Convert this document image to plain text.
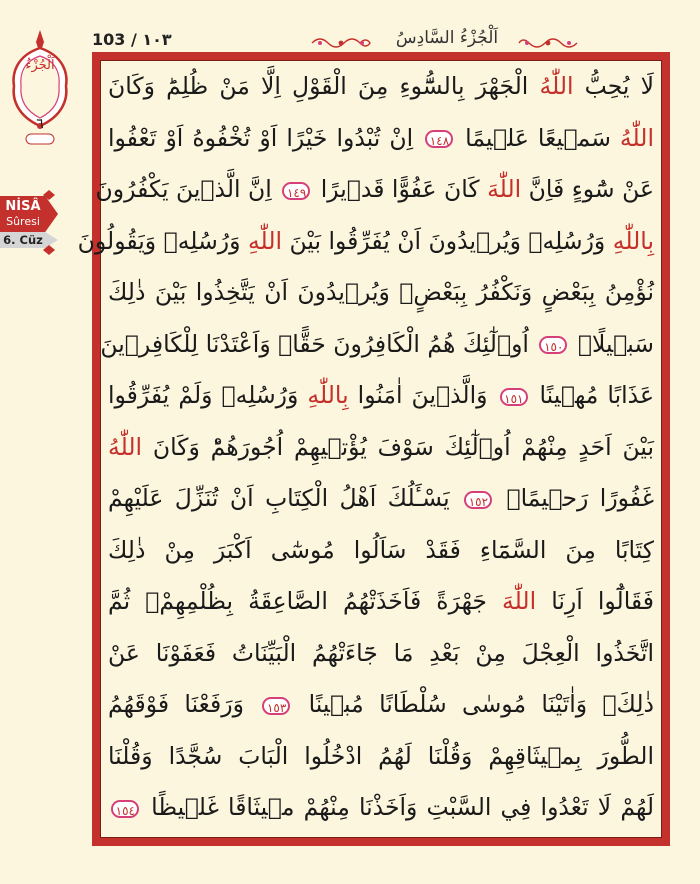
103 / ١٠٣	اَلْجُزْءُ السَّادِسُ
اَلْجُزْءُ
٦
NİSÂ
Sûresi
6. Cüz
لَا يُحِبُّ اللّٰهُ الْجَهْرَ بِالسُّٓوءِ مِنَ الْقَوْلِ اِلَّا مَنْ ظُلِمَؕ وَكَانَ
اللّٰهُ سَم۪يعًا عَل۪يمًا ١٤٨ اِنْ تُبْدُوا خَيْرًا اَوْ تُخْفُوهُ اَوْ تَعْفُوا
عَنْ سُٓوءٍ فَاِنَّ اللّٰهَ كَانَ عَفُوًّا قَد۪يرًا ١٤٩ اِنَّ الَّذ۪ينَ يَكْفُرُونَ
بِاللّٰهِ وَرُسُلِه۪ وَيُر۪يدُونَ اَنْ يُفَرِّقُوا بَيْنَ اللّٰهِ وَرُسُلِه۪ وَيَقُولُونَ
نُؤْمِنُ بِبَعْضٍ وَنَكْفُرُ بِبَعْضٍۙ وَيُر۪يدُونَ اَنْ يَتَّخِذُوا بَيْنَ ذٰلِكَ
سَب۪يلًاۙ ١٥٠ اُو۬لٰٓئِكَ هُمُ الْكَافِرُونَ حَقًّاۚ وَاَعْتَدْنَا لِلْكَافِر۪ينَ
عَذَابًا مُه۪ينًا ١٥١ وَالَّذ۪ينَ اٰمَنُوا بِاللّٰهِ وَرُسُلِه۪ وَلَمْ يُفَرِّقُوا
بَيْنَ اَحَدٍ مِنْهُمْ اُو۬لٰٓئِكَ سَوْفَ يُؤْت۪يهِمْ اُجُورَهُمْؕ وَكَانَ اللّٰهُ
غَفُورًا رَح۪يمًا۟ ١٥٢ يَسْـَٔلُكَ اَهْلُ الْكِتَابِ اَنْ تُنَزِّلَ عَلَيْهِمْ
كِتَابًا مِنَ السَّمَٓاءِ فَقَدْ سَاَلُوا مُوسٰٓى اَكْبَرَ مِنْ ذٰلِكَ
فَقَالُٓوا اَرِنَا اللّٰهَ جَهْرَةً فَاَخَذَتْهُمُ الصَّاعِقَةُ بِظُلْمِهِمْۚ ثُمَّ
اتَّخَذُوا الْعِجْلَ مِنْ بَعْدِ مَا جَٓاءَتْهُمُ الْبَيِّنَاتُ فَعَفَوْنَا عَنْ
ذٰلِكَۚ وَاٰتَيْنَا مُوسٰى سُلْطَانًا مُب۪ينًا ١٥٣ وَرَفَعْنَا فَوْقَهُمُ
الطُّورَ بِم۪يثَاقِهِمْ وَقُلْنَا لَهُمُ ادْخُلُوا الْبَابَ سُجَّدًا وَقُلْنَا
لَهُمْ لَا تَعْدُوا فِي السَّبْتِ وَاَخَذْنَا مِنْهُمْ م۪يثَاقًا غَل۪يظًا ١٥٤
